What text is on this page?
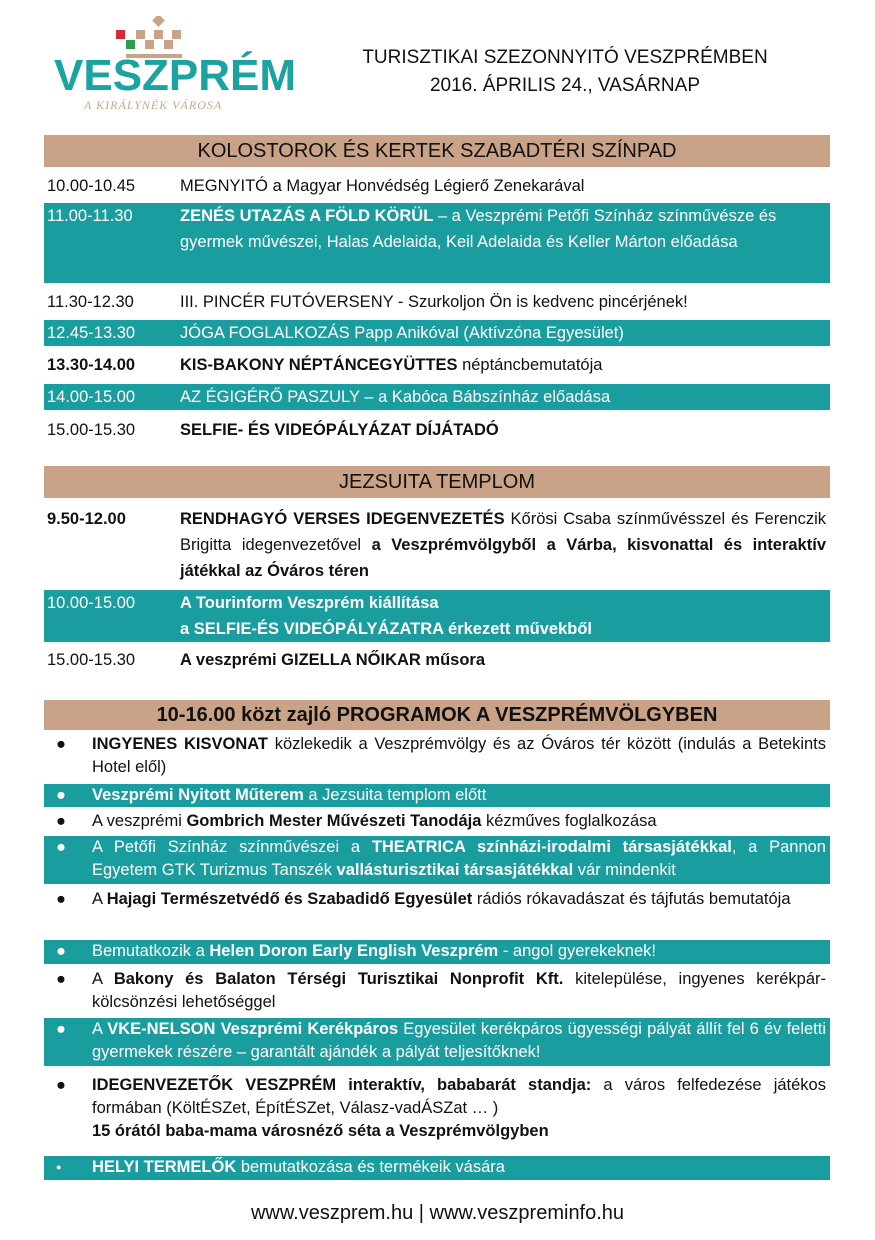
VESZPRÉM
A KIRÁLYNÉK VÁROSA
TURISZTIKAI SZEZONNYITÓ VESZPRÉMBEN
2016. ÁPRILIS 24., VASÁRNAP
KOLOSTOROK ÉS KERTEK SZABADTÉRI SZÍNPAD
10.00-10.45	MEGNYITÓ a Magyar Honvédség Légierő Zenekarával
11.00-11.30	ZENÉS UTAZÁS A FÖLD KÖRÜL – a Veszprémi Petőfi Színház színművésze és gyermek művészei, Halas Adelaida, Keil Adelaida és Keller Márton előadása
11.30-12.30	III. PINCÉR FUTÓVERSENY - Szurkoljon Ön is kedvenc pincérjének!
12.45-13.30	JÓGA FOGLALKOZÁS Papp Anikóval (Aktívzóna Egyesület)
13.30-14.00	KIS-BAKONY NÉPTÁNCEGYÜTTES néptáncbemutatója
14.00-15.00	AZ ÉGIGÉRŐ PASZULY – a Kabóca Bábszínház előadása
15.00-15.30	SELFIE- ÉS VIDEÓPÁLYÁZAT DÍJÁTADÓ
JEZSUITA TEMPLOM
9.50-12.00	RENDHAGYÓ VERSES IDEGENVEZETÉS Kőrösi Csaba színművésszel és Ferenczik Brigitta idegenvezetővel a Veszprémvölgyből a Várba, kisvonattal és interaktív játékkal az Óváros téren
10.00-15.00	A Tourinform Veszprém kiállítása
a SELFIE-ÉS VIDEÓPÁLYÁZATRA érkezett művekből
15.00-15.30	A veszprémi GIZELLA NŐIKAR műsora
10-16.00 közt zajló PROGRAMOK A VESZPRÉMVÖLGYBEN
● INGYENES KISVONAT közlekedik a Veszprémvölgy és az Óváros tér között (indulás a Betekints Hotel elől)
● Veszprémi Nyitott Műterem a Jezsuita templom előtt
● A veszprémi Gombrich Mester Művészeti Tanodája kézműves foglalkozása
● A Petőfi Színház színművészei a THEATRICA színházi-irodalmi társasjátékkal, a Pannon Egyetem GTK Turizmus Tanszék vallásturisztikai társasjátékkal vár mindenkit
● A Hajagi Természetvédő és Szabadidő Egyesület rádiós rókavadászat és tájfutás bemutatója
● Bemutatkozik a Helen Doron Early English Veszprém - angol gyerekeknek!
● A Bakony és Balaton Térségi Turisztikai Nonprofit Kft. kitelepülése, ingyenes kerékpár-kölcsönzési lehetőséggel
● A VKE-NELSON Veszprémi Kerékpáros Egyesület kerékpáros ügyességi pályát állít fel 6 év feletti gyermekek részére – garantált ajándék a pályát teljesítőknek!
● IDEGENVEZETŐK VESZPRÉM interaktív, bababarát standja: a város felfedezése játékos formában (KöltÉSZet, ÉpítÉSZet, Válasz-vadÁSZat … )
15 órától baba-mama városnéző séta a Veszprémvölgyben
● HELYI TERMELŐK bemutatkozása és termékeik vására
www.veszprem.hu | www.veszpreminfo.hu
